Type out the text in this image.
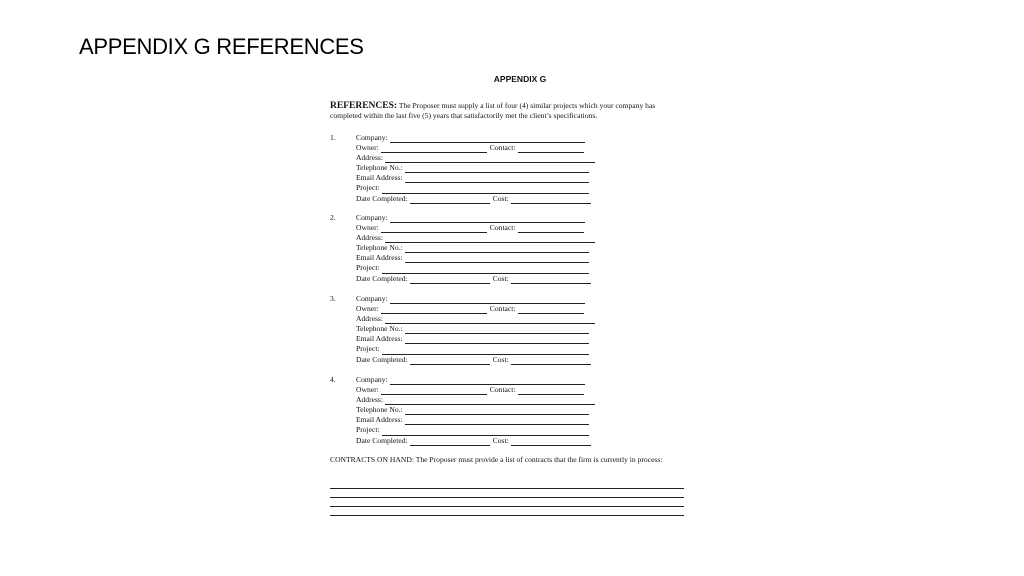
APPENDIX G REFERENCES
APPENDIX G
REFERENCES: The Proposer must supply a list of four (4) similar projects which your company has completed within the last five (5) years that satisfactorily met the client’s specifications.
1.	Company:
Owner:	Contact:
Address:
Telephone No.:
Email Address:
Project:
Date Completed:	Cost:
2.	Company:
Owner:	Contact:
Address:
Telephone No.:
Email Address:
Project:
Date Completed:	Cost:
3.	Company:
Owner:	Contact:
Address:
Telephone No.:
Email Address:
Project:
Date Completed:	Cost:
4.	Company:
Owner:	Contact:
Address:
Telephone No.:
Email Address:
Project:
Date Completed:	Cost:
CONTRACTS ON HAND: The Proposer must provide a list of contracts that the firm is currently in process:
